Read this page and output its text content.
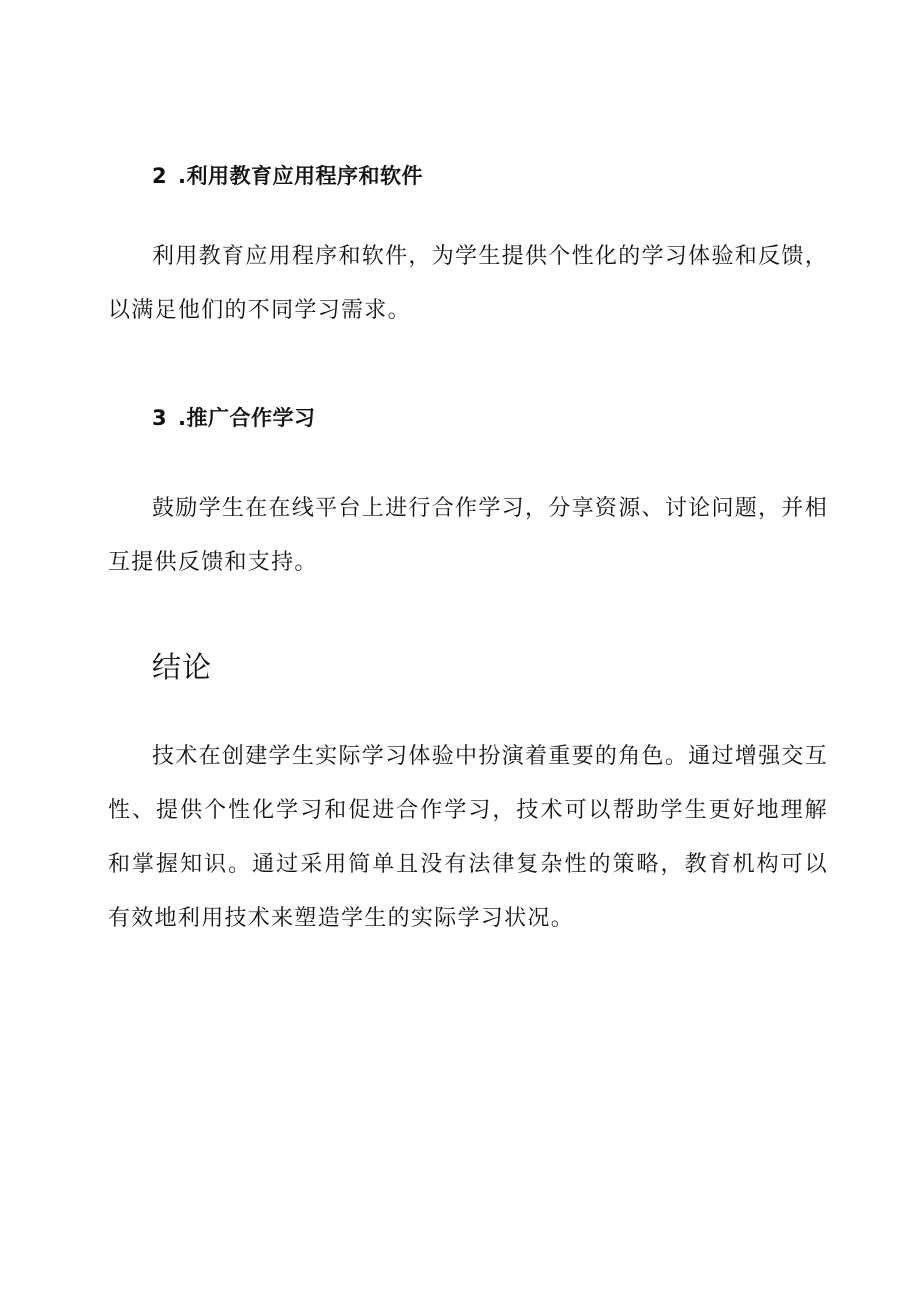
2 .利用教育应用程序和软件

利用教育应用程序和软件，为学生提供个性化的学习体验和反馈，以满足他们的不同学习需求。

3 .推广合作学习

鼓励学生在在线平台上进行合作学习，分享资源、讨论问题，并相互提供反馈和支持。

结论

技术在创建学生实际学习体验中扮演着重要的角色。通过增强交互性、提供个性化学习和促进合作学习，技术可以帮助学生更好地理解和掌握知识。通过采用简单且没有法律复杂性的策略，教育机构可以有效地利用技术来塑造学生的实际学习状况。
